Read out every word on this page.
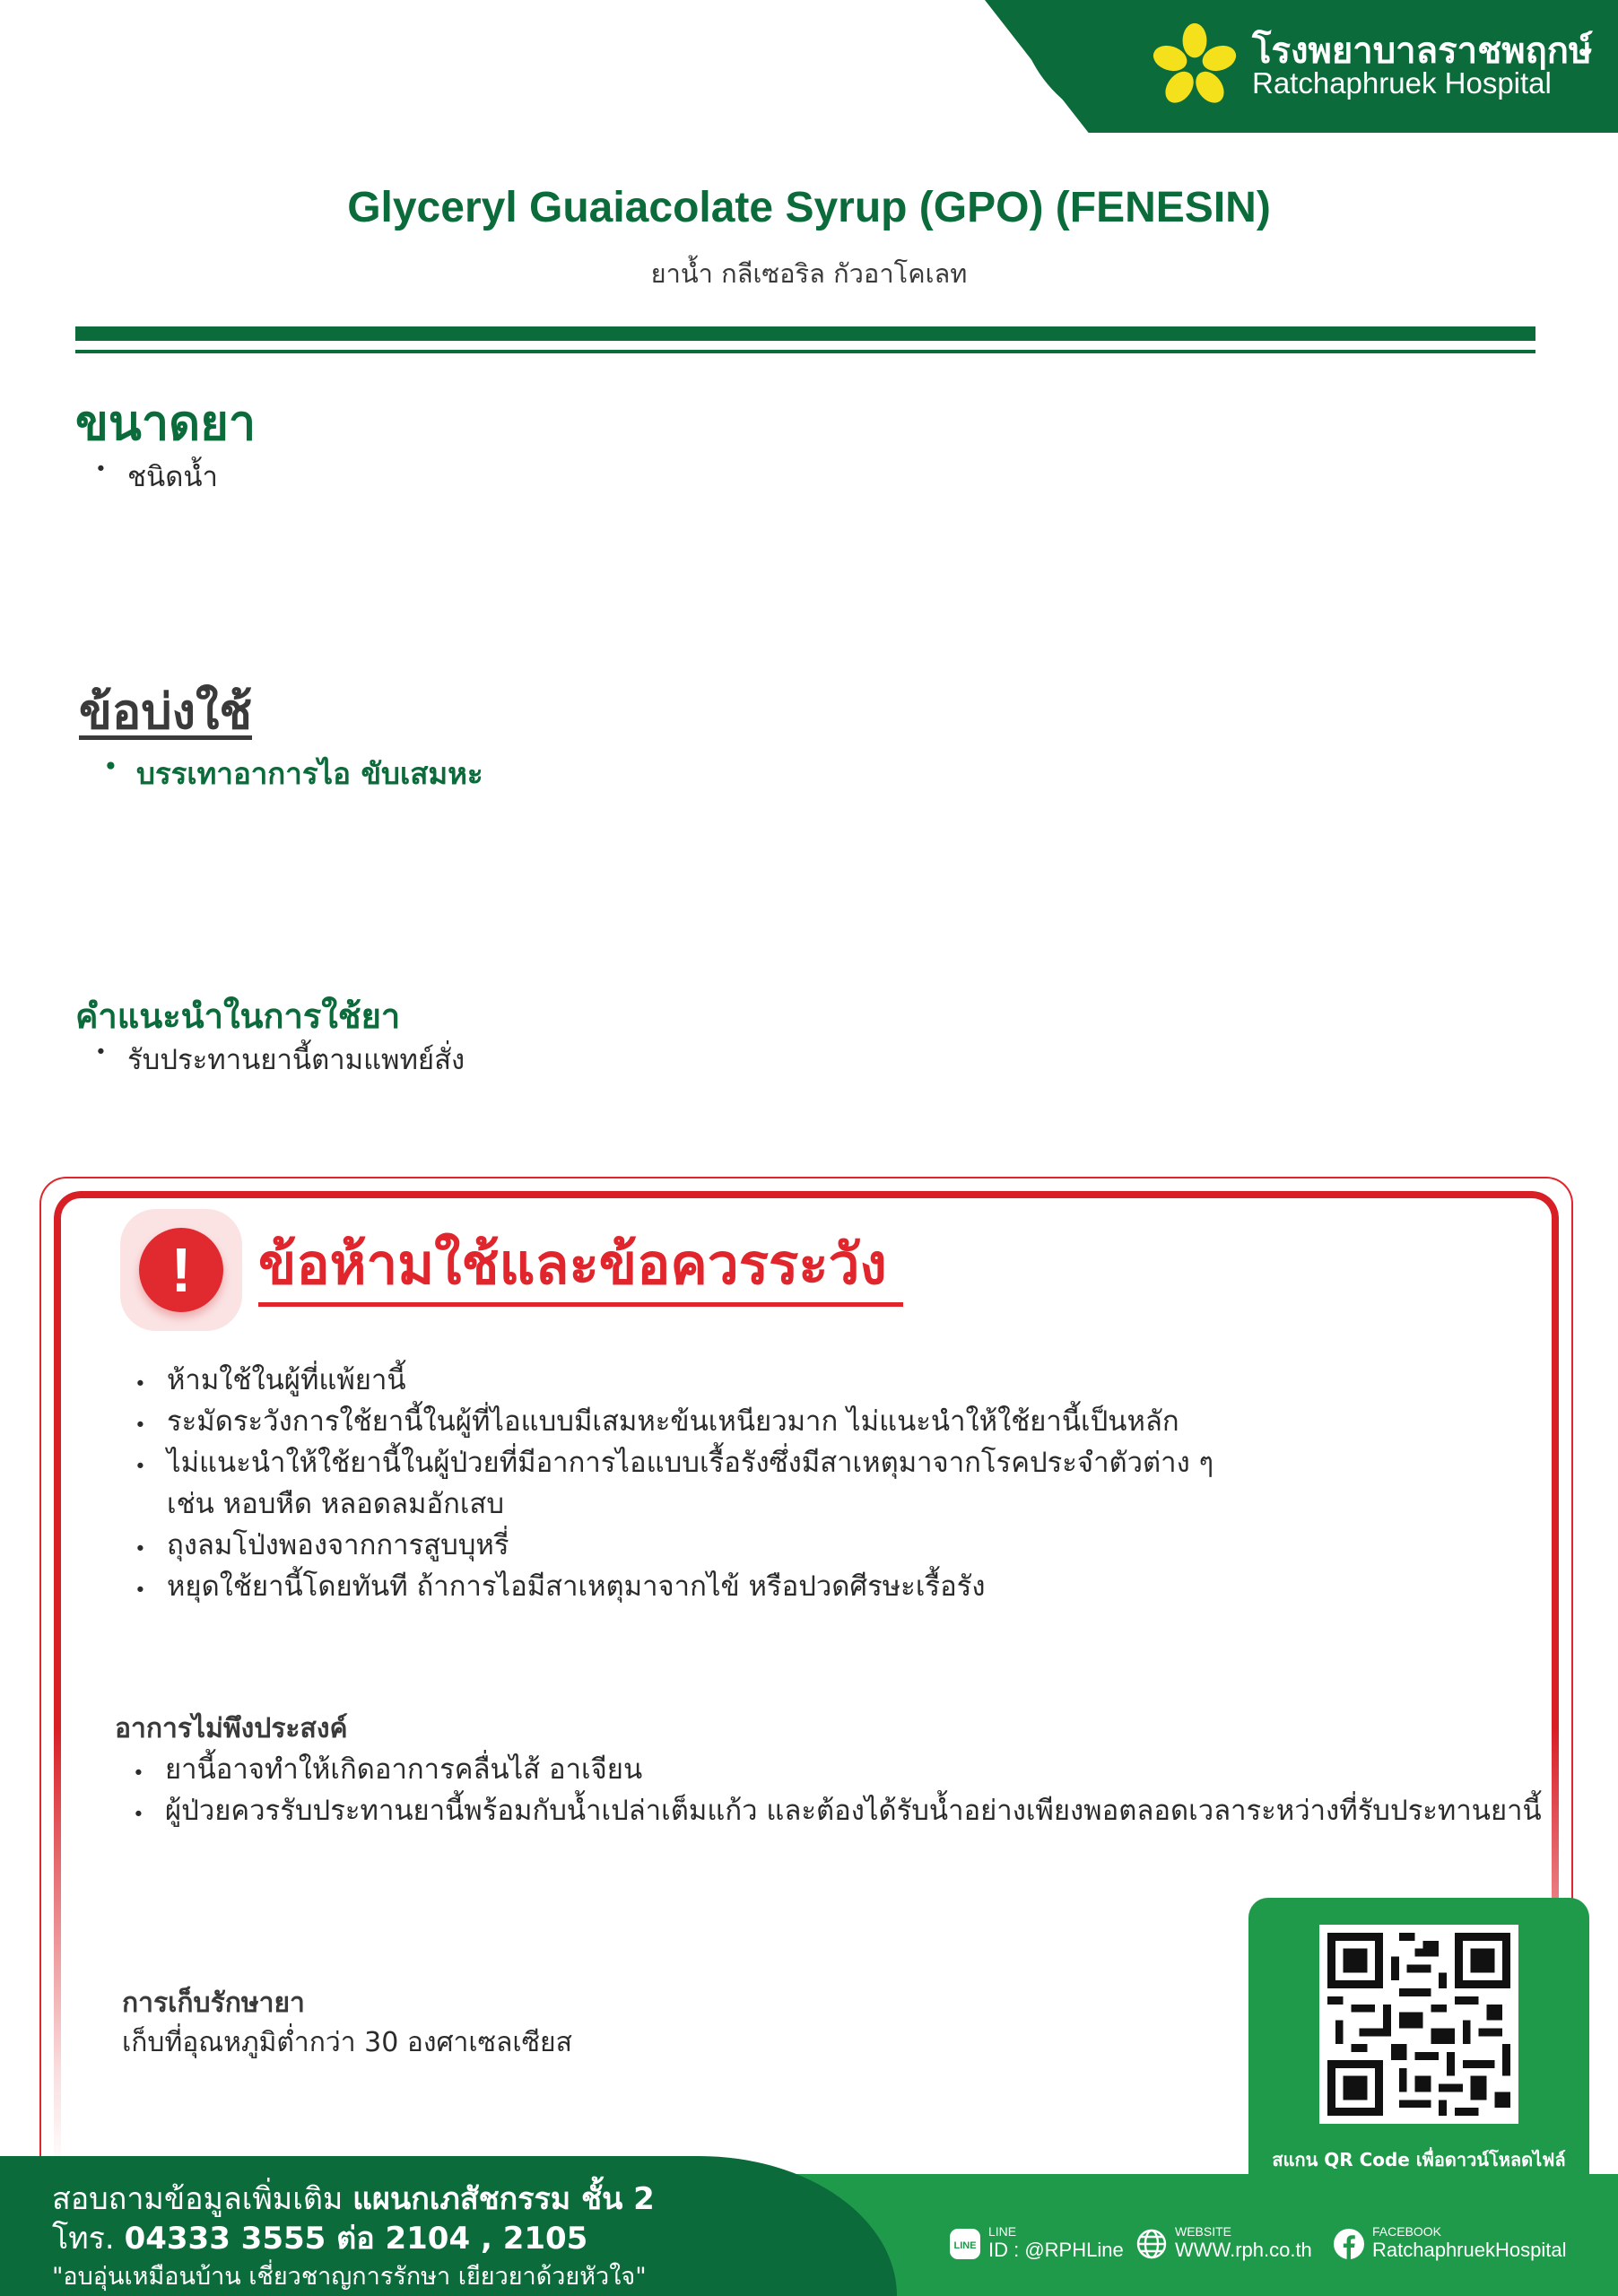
โรงพยาบาลราชพฤกษ์
Ratchaphruek Hospital
Glyceryl Guaiacolate Syrup (GPO) (FENESIN)
ยาน้ำ กลีเซอริล กัวอาโคเลท
ขนาดยา
• ชนิดน้ำ
ข้อบ่งใช้
• บรรเทาอาการไอ ขับเสมหะ
คำแนะนำในการใช้ยา
• รับประทานยานี้ตามแพทย์สั่ง
!	ข้อห้ามใช้และข้อควรระวัง
• ห้ามใช้ในผู้ที่แพ้ยานี้
• ระมัดระวังการใช้ยานี้ในผู้ที่ไอแบบมีเสมหะข้นเหนียวมาก ไม่แนะนำให้ใช้ยานี้เป็นหลัก
• ไม่แนะนำให้ใช้ยานี้ในผู้ป่วยที่มีอาการไอแบบเรื้อรังซึ่งมีสาเหตุมาจากโรคประจำตัวต่าง ๆ
เช่น หอบหืด หลอดลมอักเสบ
• ถุงลมโป่งพองจากการสูบบุหรี่
• หยุดใช้ยานี้โดยทันที ถ้าการไอมีสาเหตุมาจากไข้ หรือปวดศีรษะเรื้อรัง
อาการไม่พึงประสงค์
• ยานี้อาจทำให้เกิดอาการคลื่นไส้ อาเจียน
• ผู้ป่วยควรรับประทานยานี้พร้อมกับน้ำเปล่าเต็มแก้ว และต้องได้รับน้ำอย่างเพียงพอตลอดเวลาระหว่างที่รับประทานยานี้
การเก็บรักษายา
เก็บที่อุณหภูมิต่ำกว่า 30 องศาเซลเซียส
สแกน QR Code เพื่อดาวน์โหลดไฟล์
สอบถามข้อมูลเพิ่มเติม แผนกเภสัชกรรม ชั้น 2
โทร. 04333 3555 ต่อ 2104 , 2105
"อบอุ่นเหมือนบ้าน เชี่ยวชาญการรักษา เยียวยาด้วยหัวใจ"
LINE
LINE
ID : @RPHLine
WEBSITE
WWW.rph.co.th
FACEBOOK
RatchaphruekHospital
